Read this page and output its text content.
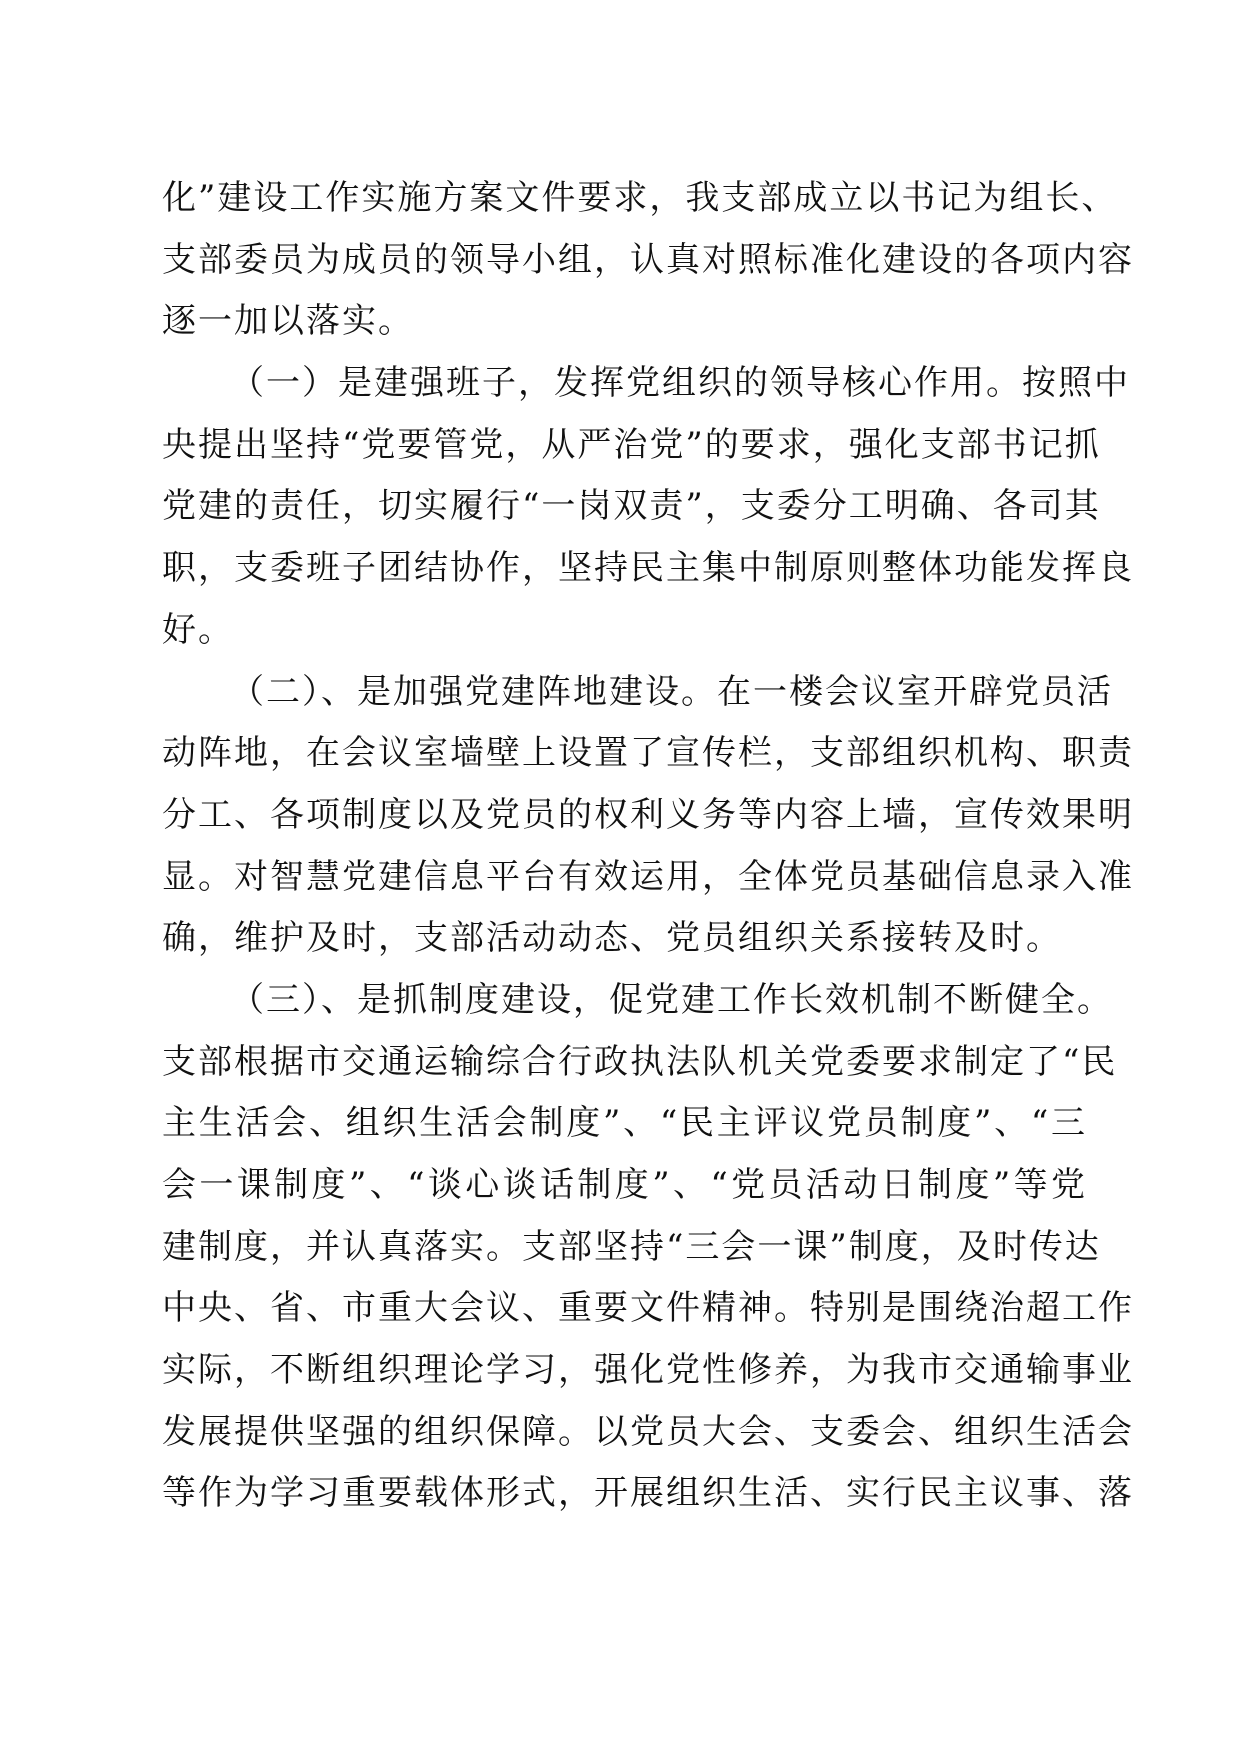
化”建设工作实施方案文件要求，我支部成立以书记为组长、
支部委员为成员的领导小组，认真对照标准化建设的各项内容
逐一加以落实。
（一）是建强班子，发挥党组织的领导核心作用。按照中
央提出坚持“党要管党，从严治党”的要求，强化支部书记抓
党建的责任，切实履行“一岗双责”，支委分工明确、各司其
职，支委班子团结协作，坚持民主集中制原则整体功能发挥良
好。
（二）、是加强党建阵地建设。在一楼会议室开辟党员活
动阵地，在会议室墙壁上设置了宣传栏，支部组织机构、职责
分工、各项制度以及党员的权利义务等内容上墙，宣传效果明
显。对智慧党建信息平台有效运用，全体党员基础信息录入准
确，维护及时，支部活动动态、党员组织关系接转及时。
（三）、是抓制度建设，促党建工作长效机制不断健全。
支部根据市交通运输综合行政执法队机关党委要求制定了“民
主生活会、组织生活会制度”、“民主评议党员制度”、“三
会一课制度”、“谈心谈话制度”、“党员活动日制度”等党
建制度，并认真落实。支部坚持“三会一课”制度，及时传达
中央、省、市重大会议、重要文件精神。特别是围绕治超工作
实际，不断组织理论学习，强化党性修养，为我市交通输事业
发展提供坚强的组织保障。以党员大会、支委会、组织生活会
等作为学习重要载体形式，开展组织生活、实行民主议事、落
